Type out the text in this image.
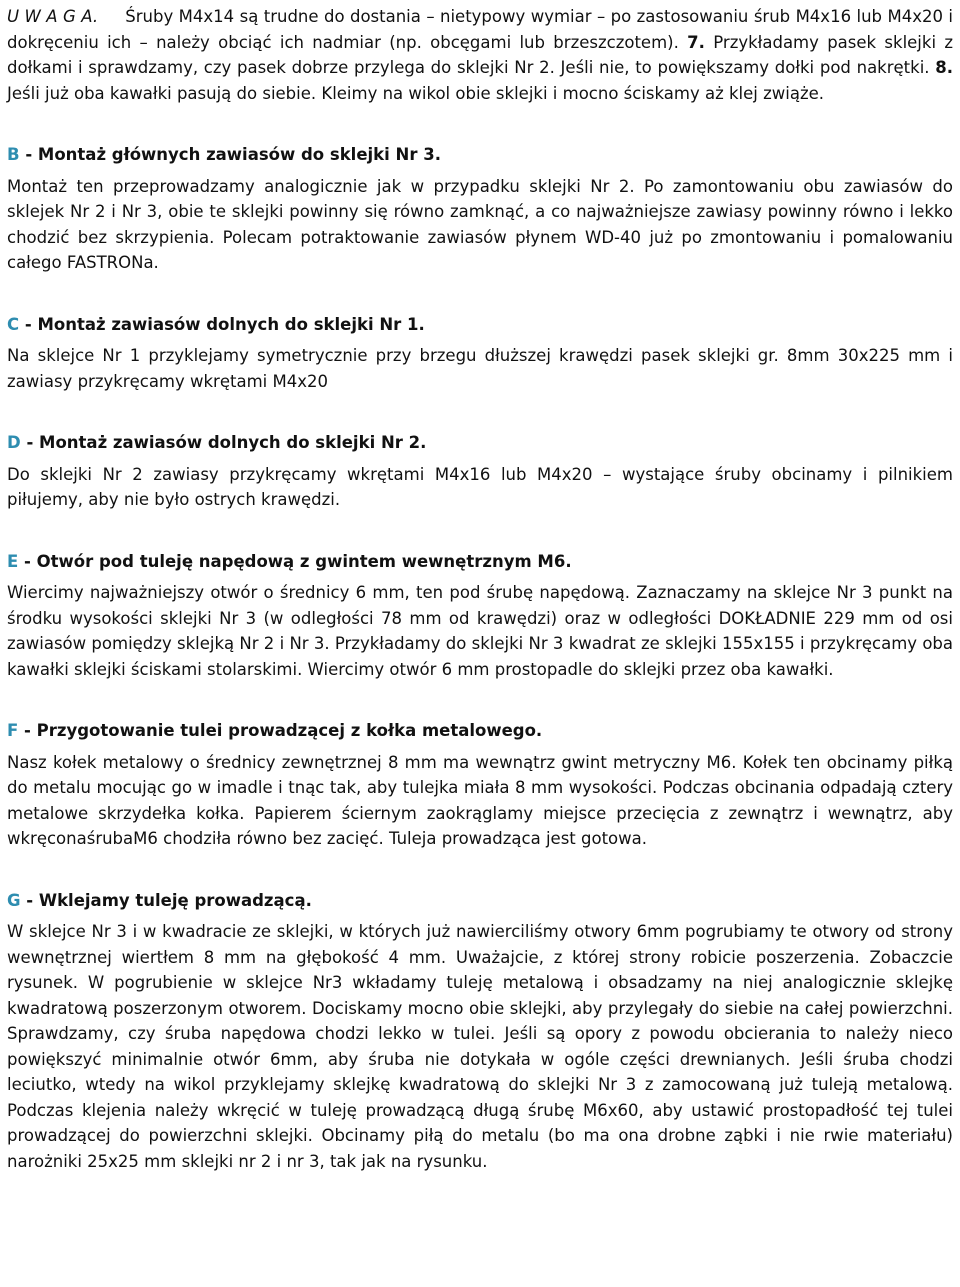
U W A G A. Śruby M4x14 są trudne do dostania – nietypowy wymiar – po zastosowaniu śrub M4x16 lub M4x20 i dokręceniu ich – należy obciąć ich nadmiar (np. obcęgami lub brzeszczotem). 7. Przykładamy pasek sklejki z dołkami i sprawdzamy, czy pasek dobrze przylega do sklejki Nr 2. Jeśli nie, to powiększamy dołki pod nakrętki. 8. Jeśli już oba kawałki pasują do siebie. Kleimy na wikol obie sklejki i mocno ściskamy aż klej zwiąże.

B - Montaż głównych zawiasów do sklejki Nr 3.

Montaż ten przeprowadzamy analogicznie jak w przypadku sklejki Nr 2. Po zamontowaniu obu zawiasów do sklejek Nr 2 i Nr 3, obie te sklejki powinny się równo zamknąć, a co najważniejsze zawiasy powinny równo i lekko chodzić bez skrzypienia. Polecam potraktowanie zawiasów płynem WD-40 już po zmontowaniu i pomalowaniu całego FASTRONa.

C - Montaż zawiasów dolnych do sklejki Nr 1.

Na sklejce Nr 1 przyklejamy symetrycznie przy brzegu dłuższej krawędzi pasek sklejki gr. 8mm 30x225 mm i zawiasy przykręcamy wkrętami M4x20

D - Montaż zawiasów dolnych do sklejki Nr 2.

Do sklejki Nr 2 zawiasy przykręcamy wkrętami M4x16 lub M4x20 – wystające śruby obcinamy i pilnikiem piłujemy, aby nie było ostrych krawędzi.

E - Otwór pod tuleję napędową z gwintem wewnętrznym M6.

Wiercimy najważniejszy otwór o średnicy 6 mm, ten pod śrubę napędową. Zaznaczamy na sklejce Nr 3 punkt na środku wysokości sklejki Nr 3 (w odległości 78 mm od krawędzi) oraz w odległości DOKŁADNIE 229 mm od osi zawiasów pomiędzy sklejką Nr 2 i Nr 3. Przykładamy do sklejki Nr 3 kwadrat ze sklejki 155x155 i przykręcamy oba kawałki sklejki ściskami stolarskimi. Wiercimy otwór 6 mm prostopadle do sklejki przez oba kawałki.

F - Przygotowanie tulei prowadzącej z kołka metalowego.

Nasz kołek metalowy o średnicy zewnętrznej 8 mm ma wewnątrz gwint metryczny M6. Kołek ten obcinamy piłką do metalu mocując go w imadle i tnąc tak, aby tulejka miała 8 mm wysokości. Podczas obcinania odpadają cztery metalowe skrzydełka kołka. Papierem ściernym zaokrąglamy miejsce przecięcia z zewnątrz i wewnątrz, aby wkręconaśrubaM6 chodziła równo bez zacięć. Tuleja prowadząca jest gotowa.

G - Wklejamy tuleję prowadzącą.

W sklejce Nr 3 i w kwadracie ze sklejki, w których już nawierciliśmy otwory 6mm pogrubiamy te otwory od strony wewnętrznej wiertłem 8 mm na głębokość 4 mm. Uważajcie, z której strony robicie poszerzenia. Zobaczcie rysunek. W pogrubienie w sklejce Nr3 wkładamy tuleję metalową i obsadzamy na niej analogicznie sklejkę kwadratową poszerzonym otworem. Dociskamy mocno obie sklejki, aby przylegały do siebie na całej powierzchni. Sprawdzamy, czy śruba napędowa chodzi lekko w tulei. Jeśli są opory z powodu obcierania to należy nieco powiększyć minimalnie otwór 6mm, aby śruba nie dotykała w ogóle części drewnianych. Jeśli śruba chodzi leciutko, wtedy na wikol przyklejamy sklejkę kwadratową do sklejki Nr 3 z zamocowaną już tuleją metalową. Podczas klejenia należy wkręcić w tuleję prowadzącą długą śrubę M6x60, aby ustawić prostopadłość tej tulei prowadzącej do powierzchni sklejki. Obcinamy piłą do metalu (bo ma ona drobne ząbki i nie rwie materiału) narożniki 25x25 mm sklejki nr 2 i nr 3, tak jak na rysunku.
